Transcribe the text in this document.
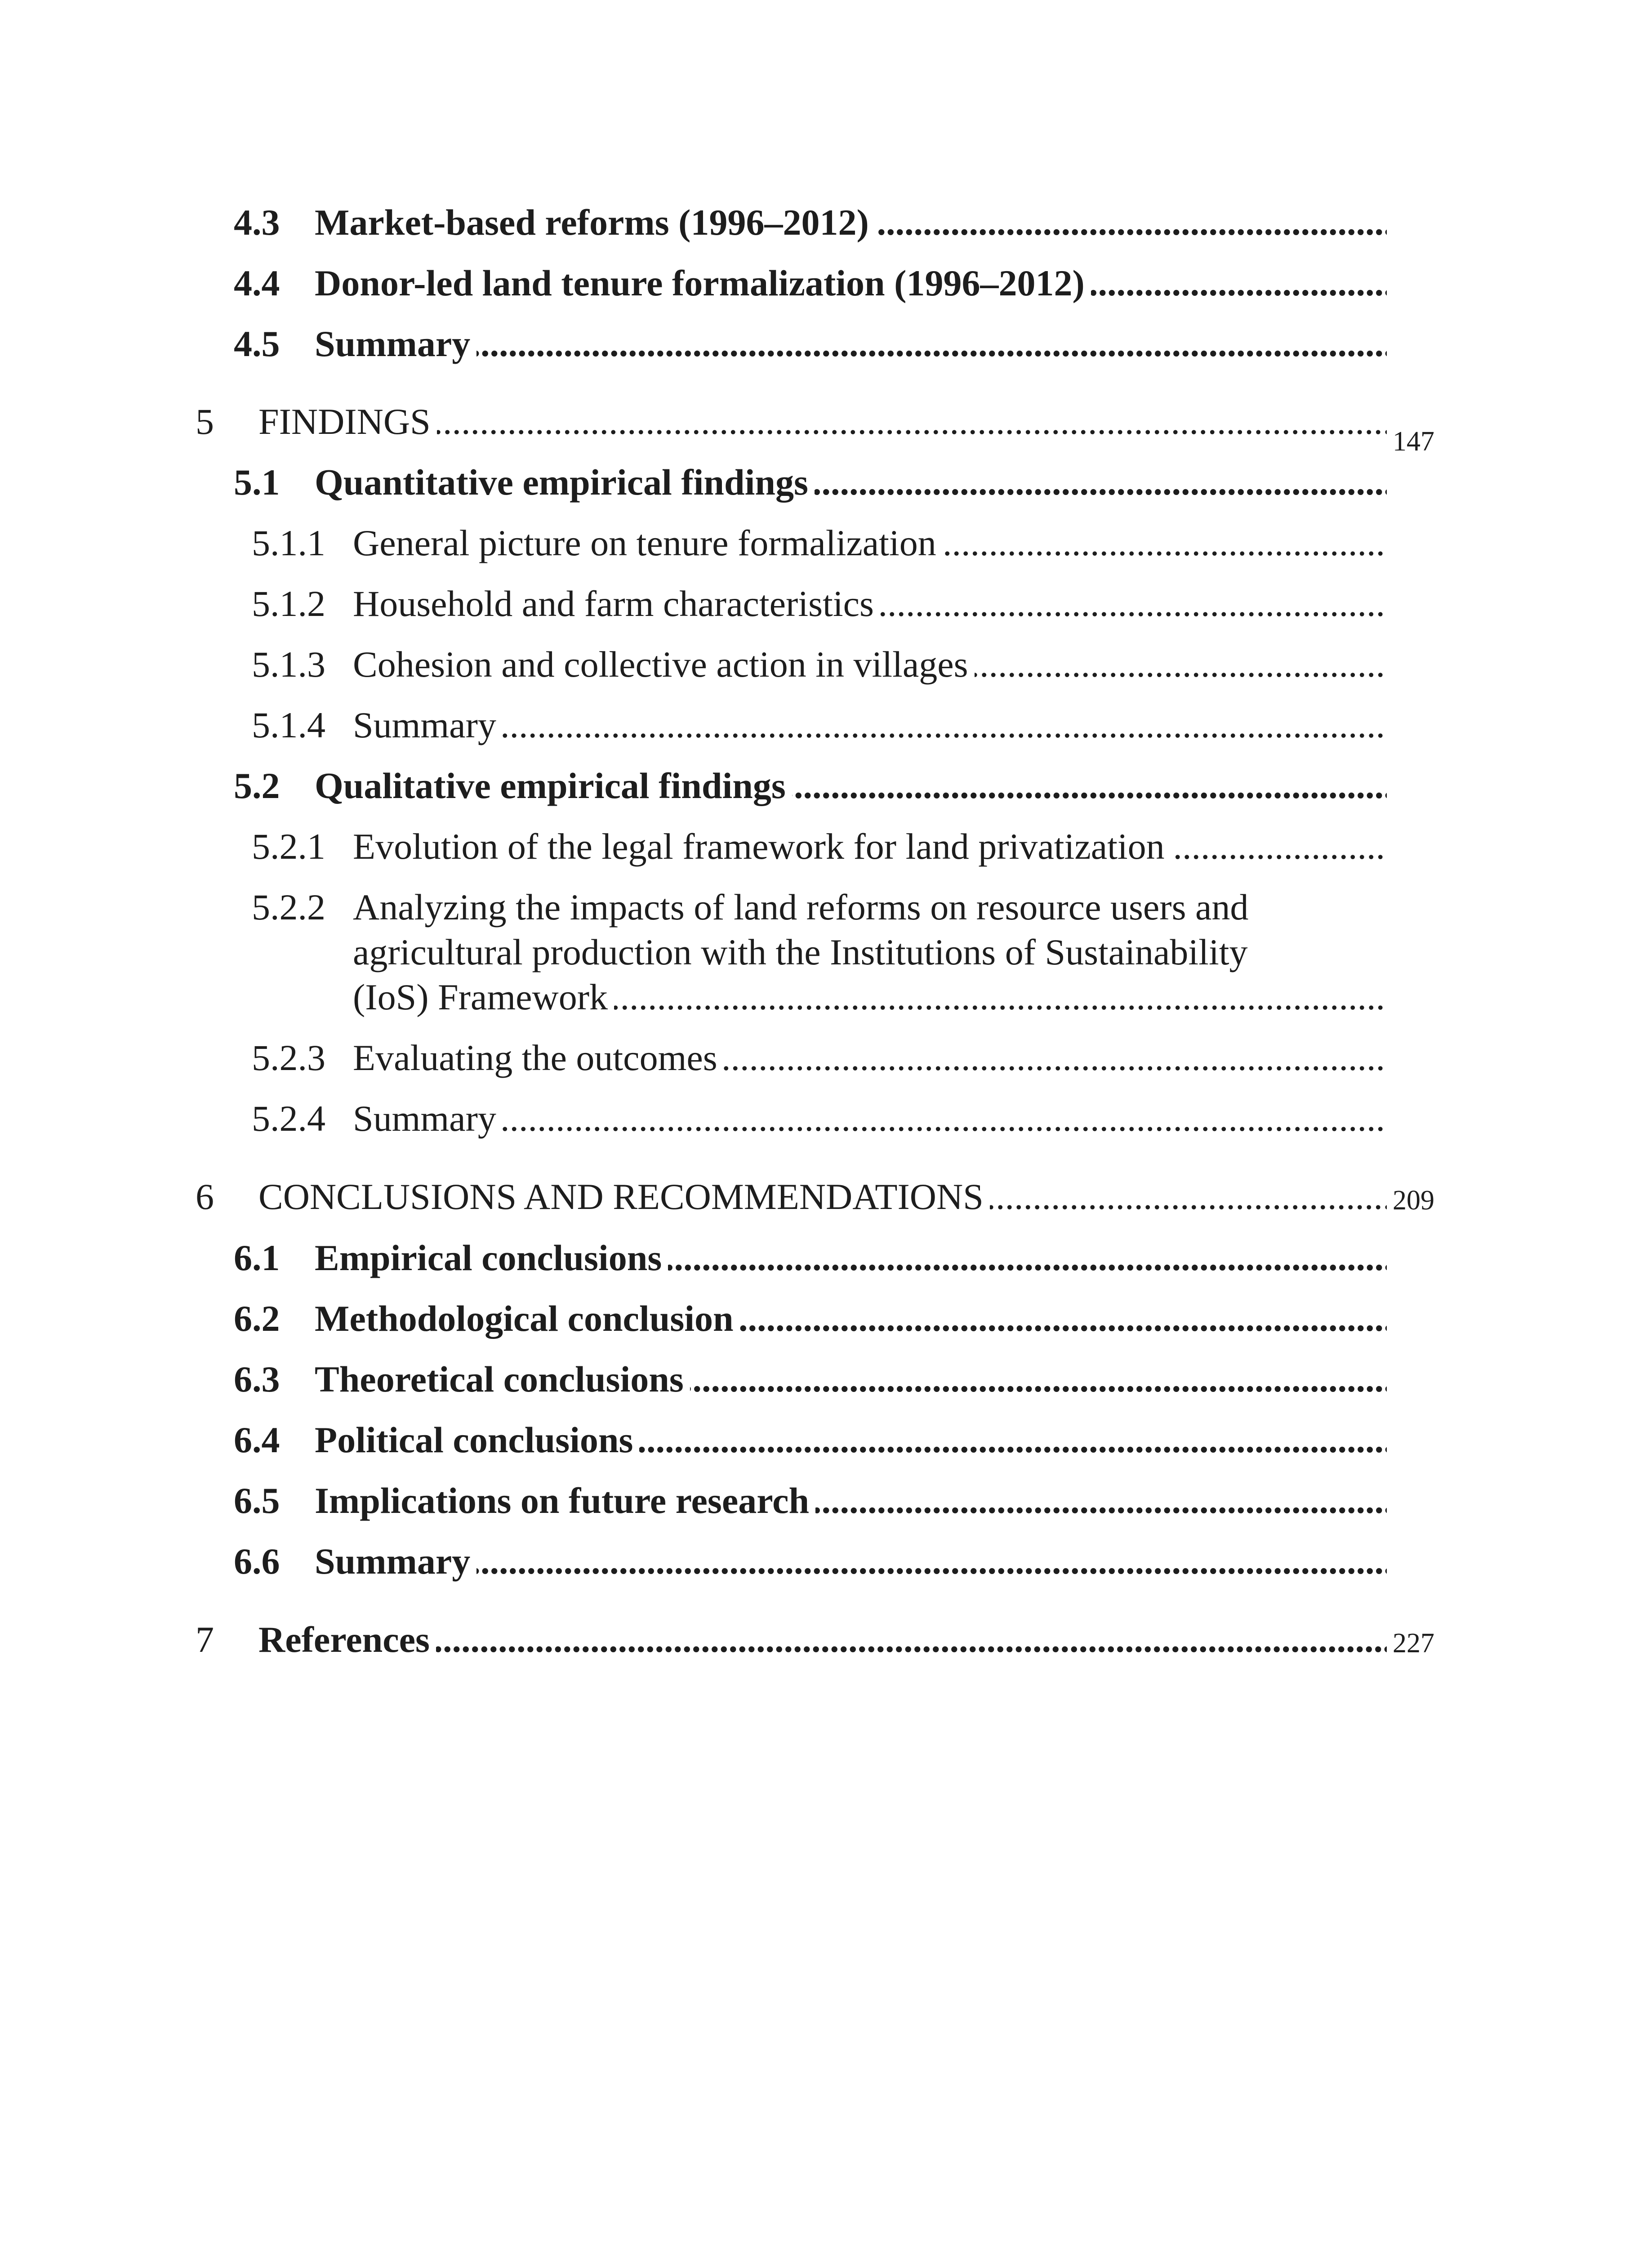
4.3 Market-based reforms (1996–2012) .....
4.4 Donor-led land tenure formalization (1996–2012) .....
4.5 Summary .....
5 FINDINGS .....	147
5.1 Quantitative empirical findings .....
5.1.1 General picture on tenure formalization .....
5.1.2 Household and farm characteristics .....
5.1.3 Cohesion and collective action in villages .....
5.1.4 Summary .....
5.2 Qualitative empirical findings .....
5.2.1 Evolution of the legal framework for land privatization .....
5.2.2 Analyzing the impacts of land reforms on resource users and
agricultural production with the Institutions of Sustainability
(IoS) Framework .....
5.2.3 Evaluating the outcomes .....
5.2.4 Summary .....
6 CONCLUSIONS AND RECOMMENDATIONS .....	209
6.1 Empirical conclusions .....
6.2 Methodological conclusion .....
6.3 Theoretical conclusions .....
6.4 Political conclusions .....
6.5 Implications on future research .....
6.6 Summary .....
7 References .....	227
